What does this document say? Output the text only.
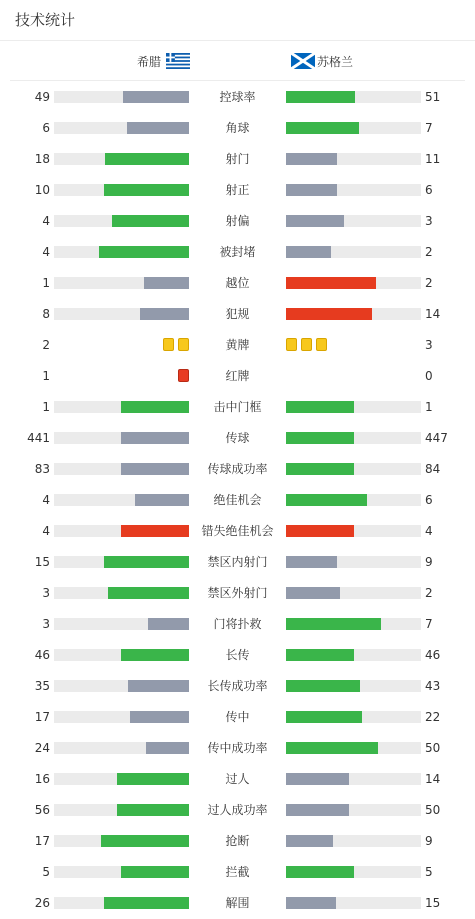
技术统计
希腊	苏格兰
49	控球率	51
6	角球	7
18	射门	11
10	射正	6
4	射偏	3
4	被封堵	2
1	越位	2
8	犯规	14
2	黄牌	3
1	红牌	0
1	击中门框	1
441	传球	447
83	传球成功率	84
4	绝佳机会	6
4	错失绝佳机会	4
15	禁区内射门	9
3	禁区外射门	2
3	门将扑救	7
46	长传	46
35	长传成功率	43
17	传中	22
24	传中成功率	50
16	过人	14
56	过人成功率	50
17	抢断	9
5	拦截	5
26	解围	15
